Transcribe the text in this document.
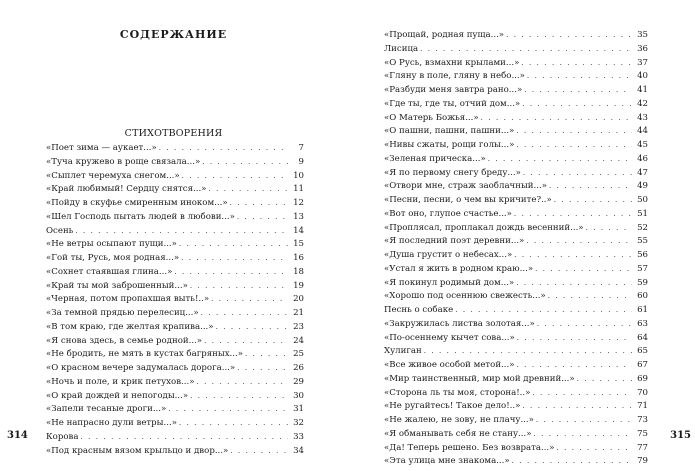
СОДЕРЖАНИЕ
СТИХОТВОРЕНИЯ
«Поет зима — аукает...» . . .	7
«Туча кружево в роще связала...» . . .	9
«Сыплет черемуха снегом...» . . .	10
«Край любимый! Сердцу снятся...» . . .	11
«Пойду в скуфье смиренным иноком...» . . .	12
«Шел Господь пытать людей в любови...» . . .	13
Осень . . .	14
«Не ветры осыпают пущи...» . . .	15
«Гой ты, Русь, моя родная...» . . .	16
«Сохнет стаявшая глина...» . . .	18
«Край ты мой заброшенный...» . . .	19
«Черная, потом пропахшая выть!..» . . .	20
«За темной прядью перелесиц...» . . .	21
«В том краю, где желтая крапива...» . . .	23
«Я снова здесь, в семье родной...» . . .	24
«Не бродить, не мять в кустах багряных...» . . .	25
«О красном вечере задумалась дорога...» . . .	26
«Ночь и поле, и крик петухов...» . . .	29
«О край дождей и непогоды...» . . .	30
«Запели тесаные дроги...» . . .	31
«Не напрасно дули ветры...» . . .	32
Корова . . .	33
«Под красным вязом крыльцо и двор...» . . .	34
314
«Прощай, родная пуща...» . . .	35
Лисица . . .	36
«О Русь, взмахни крылами...» . . .	37
«Гляну в поле, гляну в небо...» . . .	40
«Разбуди меня завтра рано...» . . .	41
«Где ты, где ты, отчий дом...» . . .	42
«О Матерь Божья...» . . .	43
«О пашни, пашни, пашни...» . . .	44
«Нивы сжаты, рощи голы...» . . .	45
«Зеленая прическа...» . . .	46
«Я по первому снегу бреду...» . . .	47
«Отвори мне, страж заоблачный...» . . .	49
«Песни, песни, о чем вы кричите?..» . . .	50
«Вот оно, глупое счастье...» . . .	51
«Проплясал, проплакал дождь весенний...» . . .	52
«Я последний поэт деревни...» . . .	55
«Душа грустит о небесах...» . . .	56
«Устал я жить в родном краю...» . . .	57
«Я покинул родимый дом...» . . .	59
«Хорошо под осеннюю свежесть...» . . .	60
Песнь о собаке . . .	61
«Закружилась листва золотая...» . . .	63
«По-осеннему кычет сова...» . . .	64
Хулиган . . .	65
«Все живое особой метой...» . . .	67
«Мир таинственный, мир мой древний...» . . .	69
«Сторона ль ты моя, сторона!..» . . .	70
«Не ругайтесь! Такое дело!..» . . .	71
«Не жалею, не зову, не плачу...» . . .	73
«Я обманывать себя не стану...» . . .	75
«Да! Теперь решено. Без возврата...» . . .	77
«Эта улица мне знакома...» . . .	79
315
